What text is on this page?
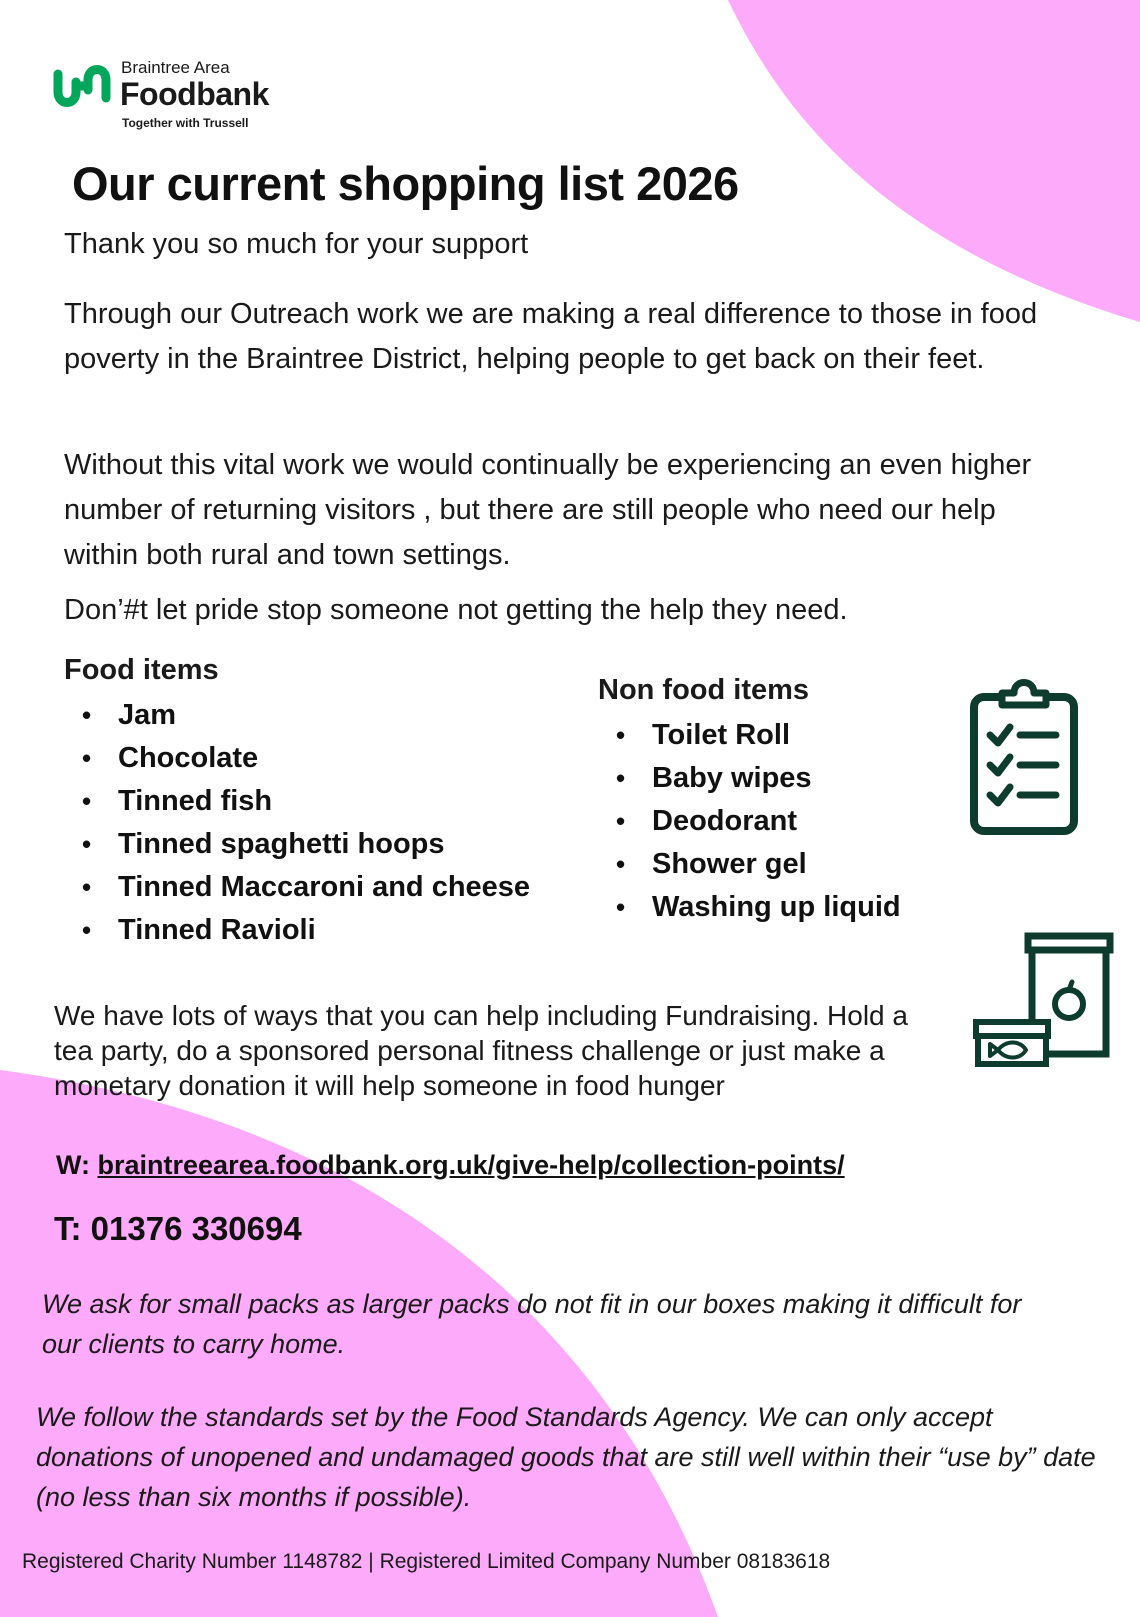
Braintree Area
Foodbank
Together with Trussell
Our current shopping list 2026
Thank you so much for your support
Through our Outreach work we are making a real difference to those in food poverty in the Braintree District, helping people to get back on their feet.
Without this vital work we would continually be experiencing an even higher number of returning visitors , but there are still people who need our help within both rural and town settings.
Don’#t let pride stop someone not getting the help they need.
Food items
• Jam
• Chocolate
• Tinned fish
• Tinned spaghetti hoops
• Tinned Maccaroni and cheese
• Tinned Ravioli
Non food items
• Toilet Roll
• Baby wipes
• Deodorant
• Shower gel
• Washing up liquid
We have lots of ways that you can help including Fundraising. Hold a tea party, do a sponsored personal fitness challenge or just make a monetary donation it will help someone in food hunger
W: braintreearea.foodbank.org.uk/give-help/collection-points/
T: 01376 330694
We ask for small packs as larger packs do not fit in our boxes making it difficult for our clients to carry home.
We follow the standards set by the Food Standards Agency. We can only accept donations of unopened and undamaged goods that are still well within their “use by” date (no less than six months if possible).
Registered Charity Number 1148782 | Registered Limited Company Number 08183618
